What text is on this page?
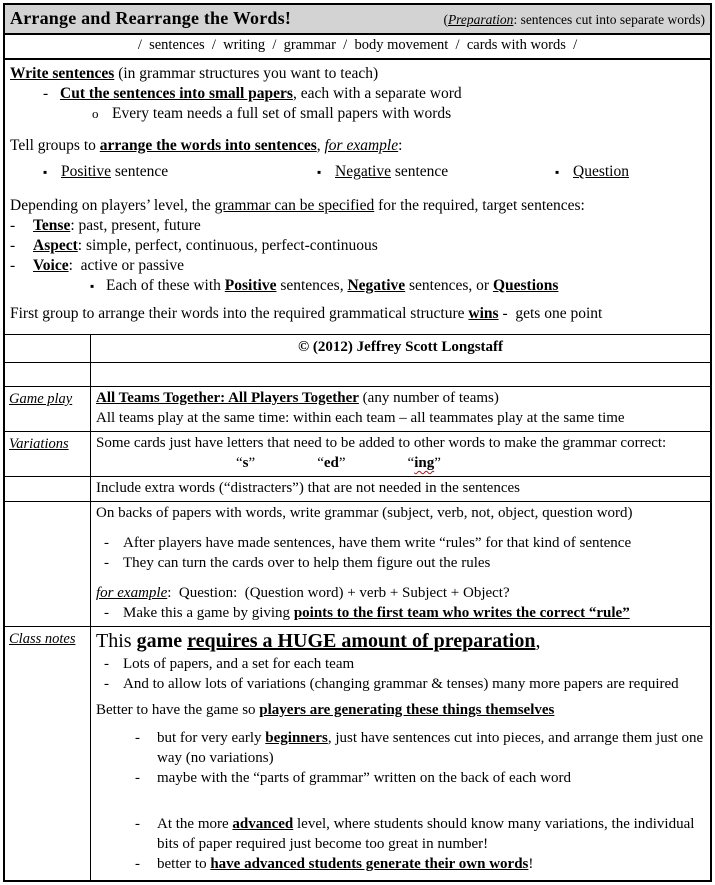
Arrange and Rearrange the Words!	(Preparation: sentences cut into separate words)
/  sentences  /  writing  /  grammar  /  body movement  /  cards with words  /
Write sentences (in grammar structures you want to teach)
- Cut the sentences into small papers, each with a separate word
o Every team needs a full set of small papers with words
Tell groups to arrange the words into sentences, for example:
▪ Positive sentence	▪ Negative sentence	▪ Question
Depending on players’ level, the grammar can be specified for the required, target sentences:
-	Tense: past, present, future
-	Aspect: simple, perfect, continuous, perfect-continuous
-	Voice:  active or passive
▪ Each of these with Positive sentences, Negative sentences, or Questions
First group to arrange their words into the required grammatical structure wins -  gets one point
	© (2012) Jeffrey Scott Longstaff

Game play	All Teams Together: All Players Together (any number of teams)
All teams play at the same time: within each team – all teammates play at the same time

Variations	Some cards just have letters that need to be added to other words to make the grammar correct:
“s” “ed” “ing”

	Include extra words (“distracters”) that are not needed in the sentences

On backs of papers with words, write grammar (subject, verb, not, object, question word)
- After players have made sentences, have them write “rules” for that kind of sentence
- They can turn the cards over to help them figure out the rules
for example:  Question:  (Question word) + verb + Subject + Object?
- Make this a game by giving points to the first team who writes the correct “rule”

Class notes	This game requires a HUGE amount of preparation,
- Lots of papers, and a set for each team
- And to allow lots of variations (changing grammar & tenses) many more papers are required
Better to have the game so players are generating these things themselves
-	but for very early beginners, just have sentences cut into pieces, and arrange them just one way (no variations)
-	maybe with the “parts of grammar” written on the back of each word
-	At the more advanced level, where students should know many variations, the individual bits of paper required just become too great in number!
-	better to have advanced students generate their own words!
